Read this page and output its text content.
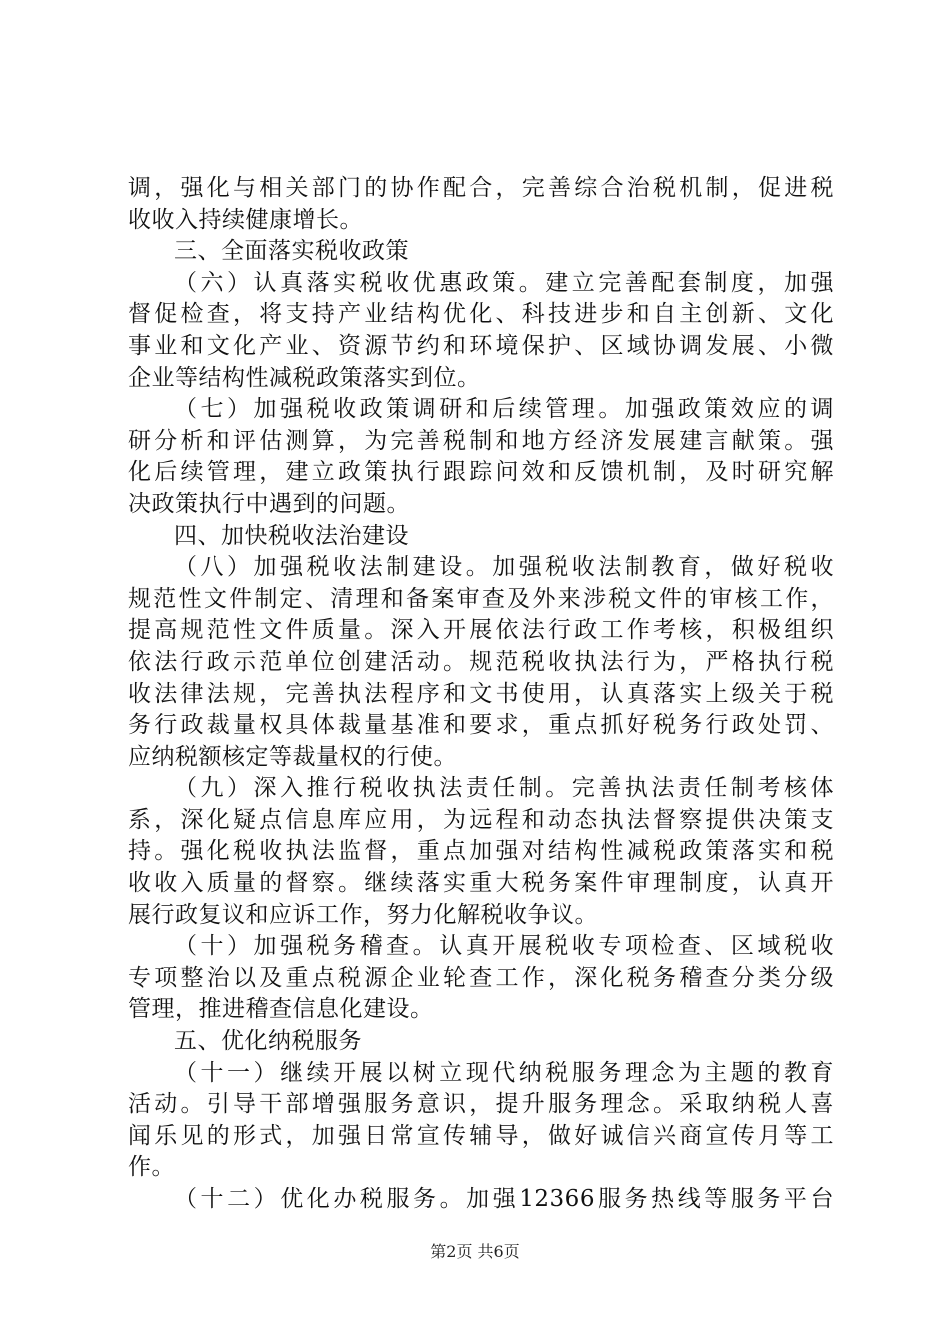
调，强化与相关部门的协作配合，完善综合治税机制，促进税
收收入持续健康增长。
三、全面落实税收政策
（六）认真落实税收优惠政策。建立完善配套制度，加强
督促检查，将支持产业结构优化、科技进步和自主创新、文化
事业和文化产业、资源节约和环境保护、区域协调发展、小微
企业等结构性减税政策落实到位。
（七）加强税收政策调研和后续管理。加强政策效应的调
研分析和评估测算，为完善税制和地方经济发展建言献策。强
化后续管理，建立政策执行跟踪问效和反馈机制，及时研究解
决政策执行中遇到的问题。
四、加快税收法治建设
（八）加强税收法制建设。加强税收法制教育，做好税收
规范性文件制定、清理和备案审查及外来涉税文件的审核工作，
提高规范性文件质量。深入开展依法行政工作考核，积极组织
依法行政示范单位创建活动。规范税收执法行为，严格执行税
收法律法规，完善执法程序和文书使用，认真落实上级关于税
务行政裁量权具体裁量基准和要求，重点抓好税务行政处罚、
应纳税额核定等裁量权的行使。
（九）深入推行税收执法责任制。完善执法责任制考核体
系，深化疑点信息库应用，为远程和动态执法督察提供决策支
持。强化税收执法监督，重点加强对结构性减税政策落实和税
收收入质量的督察。继续落实重大税务案件审理制度，认真开
展行政复议和应诉工作，努力化解税收争议。
（十）加强税务稽查。认真开展税收专项检查、区域税收
专项整治以及重点税源企业轮查工作，深化税务稽查分类分级
管理，推进稽查信息化建设。
五、优化纳税服务
（十一）继续开展以树立现代纳税服务理念为主题的教育
活动。引导干部增强服务意识，提升服务理念。采取纳税人喜
闻乐见的形式，加强日常宣传辅导，做好诚信兴商宣传月等工
作。
（十二）优化办税服务。加强12366服务热线等服务平台
第2页 共6页
